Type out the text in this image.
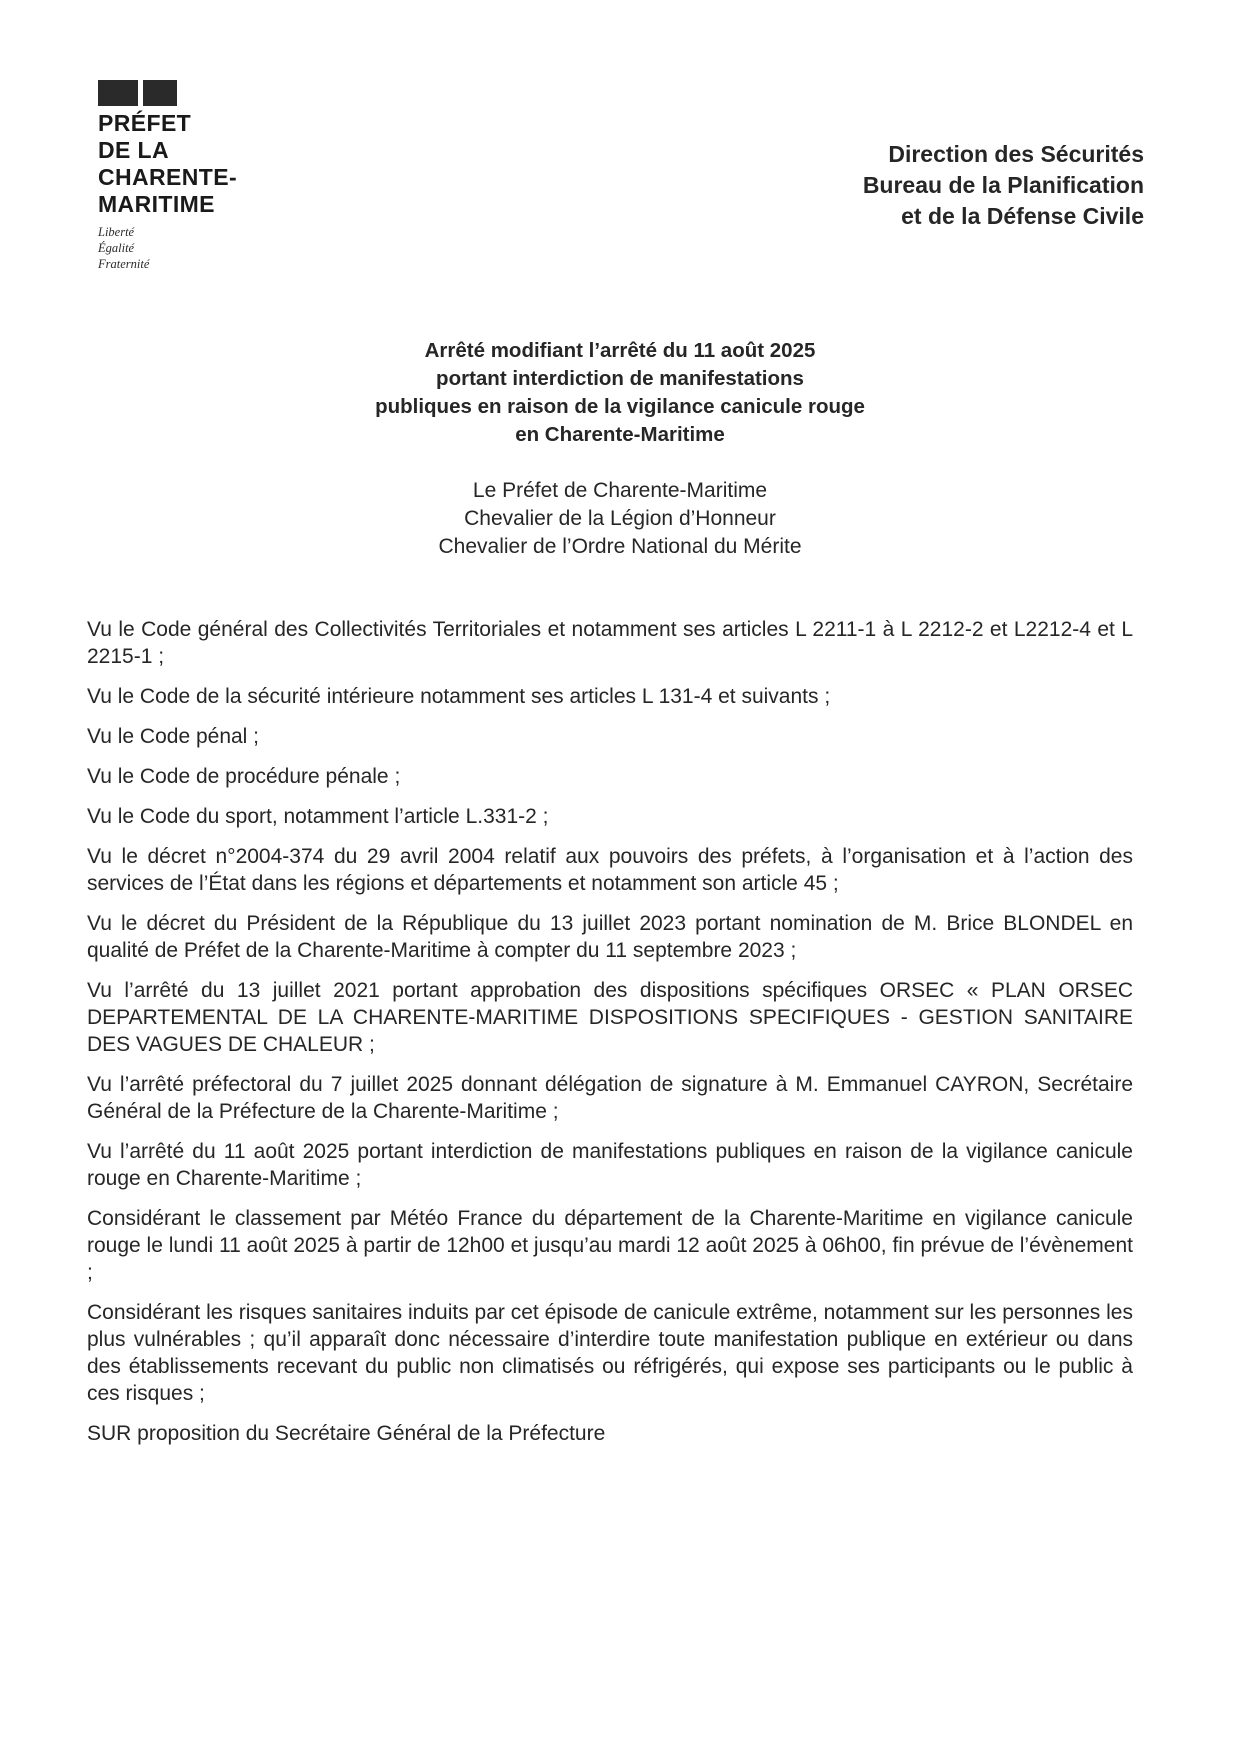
PRÉFET
DE LA
CHARENTE-
MARITIME
Liberté
Égalité
Fraternité
Direction des Sécurités
Bureau de la Planification
et de la Défense Civile
Arrêté modifiant l’arrêté du 11 août 2025
portant interdiction de manifestations
publiques en raison de la vigilance canicule rouge
en Charente-Maritime
Le Préfet de Charente-Maritime
Chevalier de la Légion d’Honneur
Chevalier de l’Ordre National du Mérite

Vu le Code général des Collectivités Territoriales et notamment ses articles L 2211-1 à L 2212-2 et L2212-4 et L 2215-1 ;

Vu le Code de la sécurité intérieure notamment ses articles L 131-4 et suivants ;

Vu le Code pénal ;

Vu le Code de procédure pénale ;

Vu le Code du sport, notamment l’article L.331-2 ;

Vu le décret n°2004-374 du 29 avril 2004 relatif aux pouvoirs des préfets, à l’organisation et à l’action des services de l’État dans les régions et départements et notamment son article 45 ;

Vu le décret du Président de la République du 13 juillet 2023 portant nomination de M. Brice BLONDEL en qualité de Préfet de la Charente-Maritime à compter du 11 septembre 2023 ;

Vu l’arrêté du 13 juillet 2021 portant approbation des dispositions spécifiques ORSEC « PLAN ORSEC DEPARTEMENTAL DE LA CHARENTE-MARITIME DISPOSITIONS SPECIFIQUES - GESTION SANITAIRE DES VAGUES DE CHALEUR ;

Vu l’arrêté préfectoral du 7 juillet 2025 donnant délégation de signature à M. Emmanuel CAYRON, Secrétaire Général de la Préfecture de la Charente-Maritime ;

Vu l’arrêté du 11 août 2025 portant interdiction de manifestations publiques en raison de la vigilance canicule rouge en Charente-Maritime ;

Considérant le classement par Météo France du département de la Charente-Maritime en vigilance canicule rouge le lundi 11 août 2025 à partir de 12h00 et jusqu’au mardi 12 août 2025 à 06h00, fin prévue de l’évènement ;

Considérant les risques sanitaires induits par cet épisode de canicule extrême, notamment sur les personnes les plus vulnérables ; qu’il apparaît donc nécessaire d’interdire toute manifestation publique en extérieur ou dans des établissements recevant du public non climatisés ou réfrigérés, qui expose ses participants ou le public à ces risques ;

SUR proposition du Secrétaire Général de la Préfecture
